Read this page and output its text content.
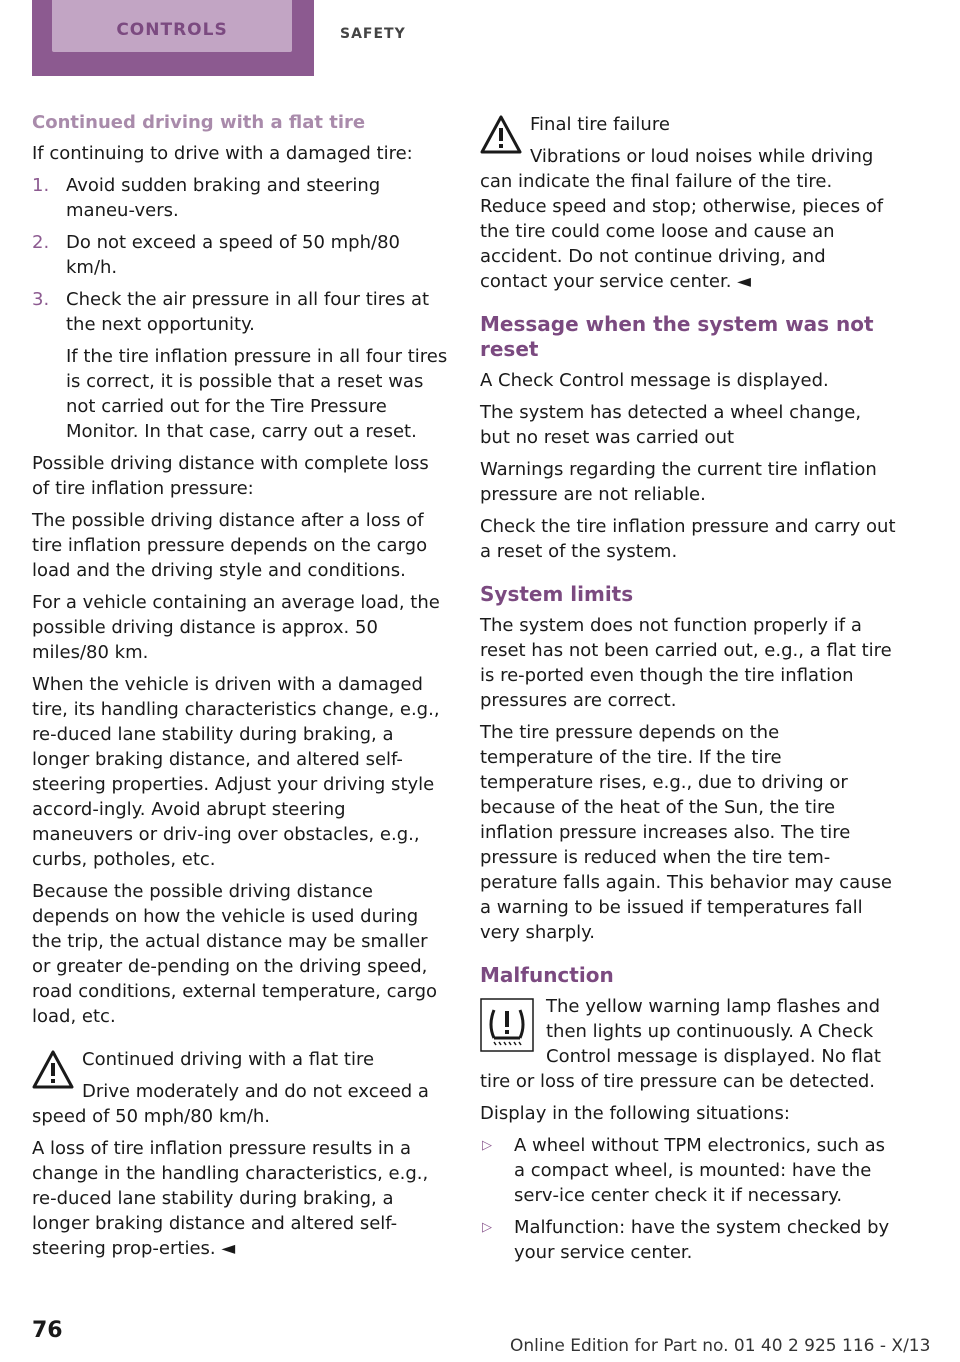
CONTROLS	SAFETY
Continued driving with a flat tire

If continuing to drive with a damaged tire:

1. Avoid sudden braking and steering maneu‐vers.
2. Do not exceed a speed of 50 mph/80 km/h.
3. Check the air pressure in all four tires at the next opportunity.
If the tire inflation pressure in all four tires is correct, it is possible that a reset was not carried out for the Tire Pressure Monitor. In that case, carry out a reset.

Possible driving distance with complete loss of tire inflation pressure:

The possible driving distance after a loss of tire inflation pressure depends on the cargo load and the driving style and conditions.

For a vehicle containing an average load, the possible driving distance is approx. 50 miles/80 km.

When the vehicle is driven with a damaged tire, its handling characteristics change, e.g., re‐duced lane stability during braking, a longer braking distance, and altered self-steering properties. Adjust your driving style accord‐ingly. Avoid abrupt steering maneuvers or driv‐ing over obstacles, e.g., curbs, potholes, etc.

Because the possible driving distance depends on how the vehicle is used during the trip, the actual distance may be smaller or greater de‐pending on the driving speed, road conditions, external temperature, cargo load, etc.

Continued driving with a flat tire

Drive moderately and do not exceed a speed of 50 mph/80 km/h.

A loss of tire inflation pressure results in a change in the handling characteristics, e.g., re‐duced lane stability during braking, a longer braking distance and altered self-steering prop‐erties. ◄

Final tire failure

Vibrations or loud noises while driving can indicate the final failure of the tire. Reduce speed and stop; otherwise, pieces of the tire could come loose and cause an accident. Do not continue driving, and contact your service center. ◄

Message when the system was not reset

A Check Control message is displayed.

The system has detected a wheel change, but no reset was carried out

Warnings regarding the current tire inflation pressure are not reliable.

Check the tire inflation pressure and carry out a reset of the system.

System limits

The system does not function properly if a reset has not been carried out, e.g., a flat tire is re‐ported even though the tire inflation pressures are correct.

The tire pressure depends on the temperature of the tire. If the tire temperature rises, e.g., due to driving or because of the heat of the Sun, the tire inflation pressure increases also. The tire pressure is reduced when the tire tem‐perature falls again. This behavior may cause a warning to be issued if temperatures fall very sharply.

Malfunction

The yellow warning lamp flashes and then lights up continuously. A Check Control message is displayed. No flat tire or loss of tire pressure can be detected.

Display in the following situations:

▷ A wheel without TPM electronics, such as a compact wheel, is mounted: have the serv‐ice center check it if necessary.
▷ Malfunction: have the system checked by your service center.
76
Online Edition for Part no. 01 40 2 925 116 - X/13
